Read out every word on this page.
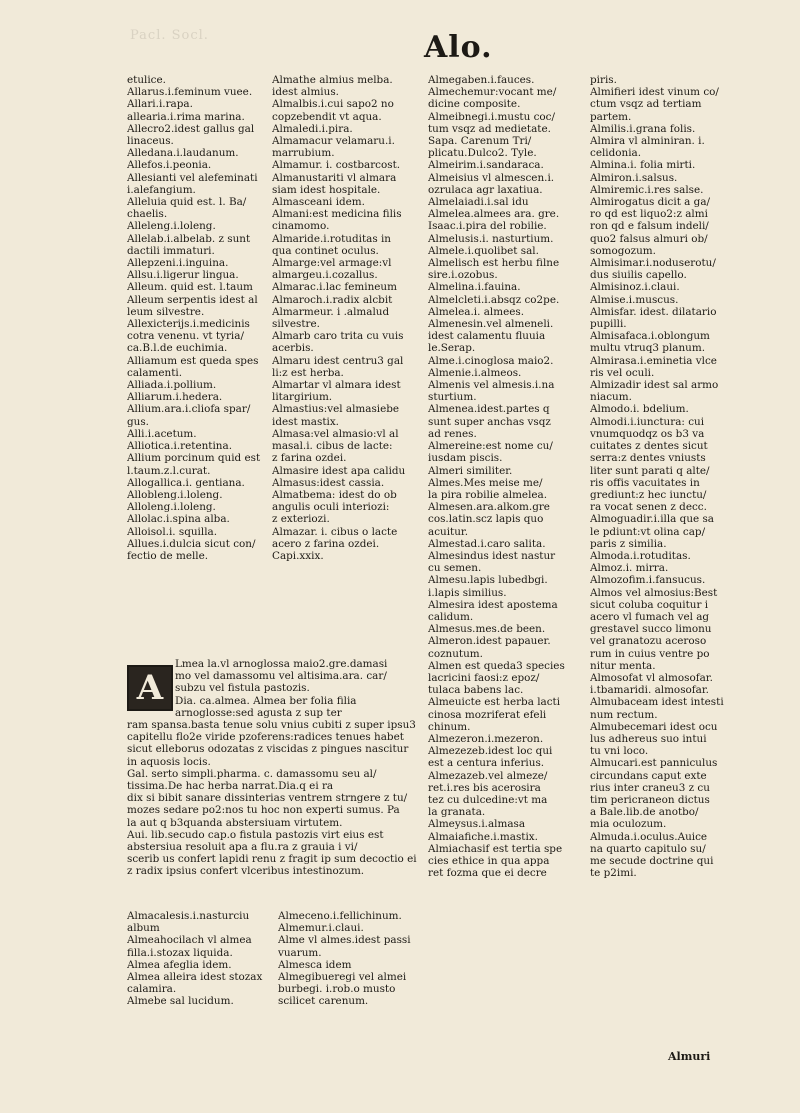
Pacl. Socl.	Alo.
etulice.
Allarus.i.feminum vuee.
Allari.i.rapa.
allearia.i.rima marina.
Allecro2.idest gallus gal
linaceus.
Alledana.i.laudanum.
Allefos.i.peonia.
Allesianti vel alefeminati
i.alefangium.
Alleluia quid est. l. Ba/
chaelis.
Alleleng.i.loleng.
Allelab.i.albelab. z sunt
dactili immaturi.
Allepzeni.i.inguina.
Allsu.i.ligerur lingua.
Alleum. quid est. l.taum
Alleum serpentis idest al
leum silvestre.
Allexicterijs.i.medicinis
cotra venenu. vt tyria/
ca.B.l.de euchimia.
Alliamum est queda spes
calamenti.
Alliada.i.pollium.
Alliarum.i.hedera.
Allium.ara.i.cliofa spar/
gus.
Alli.i.acetum.
Alliotica.i.retentina.
Allium porcinum quid est
l.taum.z.l.curat.
Allogallica.i. gentiana.
Allobleng.i.loleng.
Alloleng.i.loleng.
Allolac.i.spina alba.
Alloisol.i. squilla.
Allues.i.dulcia sicut con/
fectio de melle.
Almathe almius melba.
idest almius.
Almalbis.i.cui sapo2 no
copzebendit vt aqua.
Almaledi.i.pira.
Almamacur velamaru.i.
marrubium.
Almamur. i. costbarcost.
Almanustariti vl almara
siam idest hospitale.
Almasceani idem.
Almani:est medicina filis
cinamomo.
Almaride.i.rotuditas in
qua continet oculus.
Almarge:vel armage:vl
almargeu.i.cozallus.
Almarac.i.lac femineum
Almaroch.i.radix alcbit
Almarmeur. i .almalud
silvestre.
Almarb caro trita cu vuis
acerbis.
Almaru idest centru3 gal
li:z est herba.
Almartar vl almara idest
litargirium.
Almastius:vel almasiebe
idest mastix.
Almasa:vel almasio:vl al
masal.i. cibus de lacte:
z farina ozdei.
Almasire idest apa calidu
Almasus:idest cassia.
Almatbema: idest do ob
angulis oculi interiozi:
z exteriozi.
Almazar. i. cibus o lacte
acero z farina ozdei.
Capi.xxix.
Almegaben.i.fauces.
Almechemur:vocant me/
dicine composite.
Almeibnegi.i.mustu coc/
tum vsqz ad medietate.
Sapa. Carenum Tri/
plicatu.Dulco2. Tyle.
Almeirim.i.sandaraca.
Almeisius vl almescen.i.
ozrulaca agr laxatiua.
Almelaiadi.i.sal idu
Almelea.almees ara. gre.
Isaac.i.pira del robilie.
Almelusis.i. nasturtium.
Almele.i.quolibet sal.
Almelisch est herbu filne
sire.i.ozobus.
Almelina.i.fauina.
Almelcleti.i.absqz co2pe.
Almelea.i. almees.
Almenesin.vel almeneli.
idest calamentu fluuia
le.Serap.
Alme.i.cinoglosa maio2.
Almenie.i.almeos.
Almenis vel almesis.i.na
sturtium.
Almenea.idest.partes q
sunt super anchas vsqz
ad renes.
Almereine:est nome cu/
iusdam piscis.
Almeri similiter.
Almes.Mes meise me/
la pira robilie almelea.
Almesen.ara.alkom.gre
cos.latin.scz lapis quo
acuitur.
Almestad.i.caro salita.
Almesindus idest nastur
cu semen.
Almesu.lapis lubedbgi.
i.lapis similius.
Almesira idest apostema
calidum.
Almesus.mes.de been.
Almeron.idest papauer.
coznutum.
Almen est queda3 species
lacricini faosi:z epoz/
tulaca babens lac.
Almeuicte est herba lacti
cinosa mozriferat efeli
chinum.
Almezeron.i.mezeron.
Almezezeb.idest loc qui
est a centura inferius.
Almezazeb.vel almeze/
ret.i.res bis acerosira
tez cu dulcedine:vt ma
la granata.
Almeysus.i.almasa
Almaiafiche.i.mastix.
Almiachasif est tertia spe
cies ethice in qua appa
ret fozma que ei decre
piris.
Almifieri idest vinum co/
ctum vsqz ad tertiam
partem.
Almilis.i.grana folis.
Almira vl alminiran. i.
celidonia.
Almina.i. folia mirti.
Almiron.i.salsus.
Almiremic.i.res salse.
Almirogatus dicit a ga/
ro qd est liquo2:z almi
ron qd e falsum indeli/
quo2 falsus almuri ob/
somogozum.
Almisimar.i.noduserotu/
dus siuilis capello.
Almisinoz.i.claui.
Almise.i.muscus.
Almisfar. idest. dilatario
pupilli.
Almisafaca.i.oblongum
multu vtruq3 planum.
Almirasa.i.eminetia vlce
ris vel oculi.
Almizadir idest sal armo
niacum.
Almodo.i. bdelium.
Almodi.i.iunctura: cui
vnumquodqz os b3 va
cuitates z dentes sicut
serra:z dentes vniusts
liter sunt parati q alte/
ris offis vacuitates in
grediunt:z hec iunctu/
ra vocat senen z decc.
Almoguadir.i.illa que sa
le pdiunt:vt olina cap/
paris z similia.
Almoda.i.rotuditas.
Almoz.i. mirra.
Almozofim.i.fansucus.
Almos vel almosius:Best
sicut coluba coquitur i
acero vl fumach vel ag
grestavel succo limonu
vel granatozu aceroso
rum in cuius ventre po
nitur menta.
Almosofat vl almosofar.
i.tbamaridi. almosofar.
Almubaceam idest intesti
num rectum.
Almubecemari idest ocu
lus adhereus suo intui
tu vni loco.
Almucari.est panniculus
circundans caput exte
rius inter craneu3 z cu
tim pericraneon dictus
a Bale.lib.de anotbo/
mia oculozum.
Almuda.i.oculus.Auice
na quarto capitulo su/
me secude doctrine qui
te p2imi.
A
Lmea la.vl arnoglossa maio2.gre.damasi
mo vel damassomu vel altisima.ara. car/
subzu vel fistula pastozis.
Dia. ca.almea. Almea ber folia filia
arnoglosse:sed agusta z sup ter
ram spansa.basta tenue solu vnius cubiti z super ipsu3
capitellu flo2e viride pzoferens:radices tenues habet
sicut elleborus odozatas z viscidas z pingues nascitur
in aquosis locis.
Gal. serto simpli.pharma. c. damassomu seu al/
tissima.De hac herba narrat.Dia.q ei ra
dix si bibit sanare dissinterias ventrem strngere z tu/
mozes sedare po2:nos tu hoc non experti sumus. Pa
la aut q b3quanda abstersiuam virtutem.
Aui. lib.secudo cap.o fistula pastozis virt eius est
abstersiua resoluit apa a flu.ra z grauia i vi/
scerib us confert lapidi renu z fragit ip sum decoctio ei
z radix ipsius confert vlceribus intestinozum.
Almacalesis.i.nasturciu
album
Almeahocilach vl almea
filla.i.stozax liquida.
Almea afeglia idem.
Almea alleira idest stozax
calamira.
Almebe sal lucidum.
Almeceno.i.fellichinum.
Almemur.i.claui.
Alme vl almes.idest passi
vuarum.
Almesca idem
Almegibueregi vel almei
burbegi. i.rob.o musto
scilicet carenum.
Almuri
